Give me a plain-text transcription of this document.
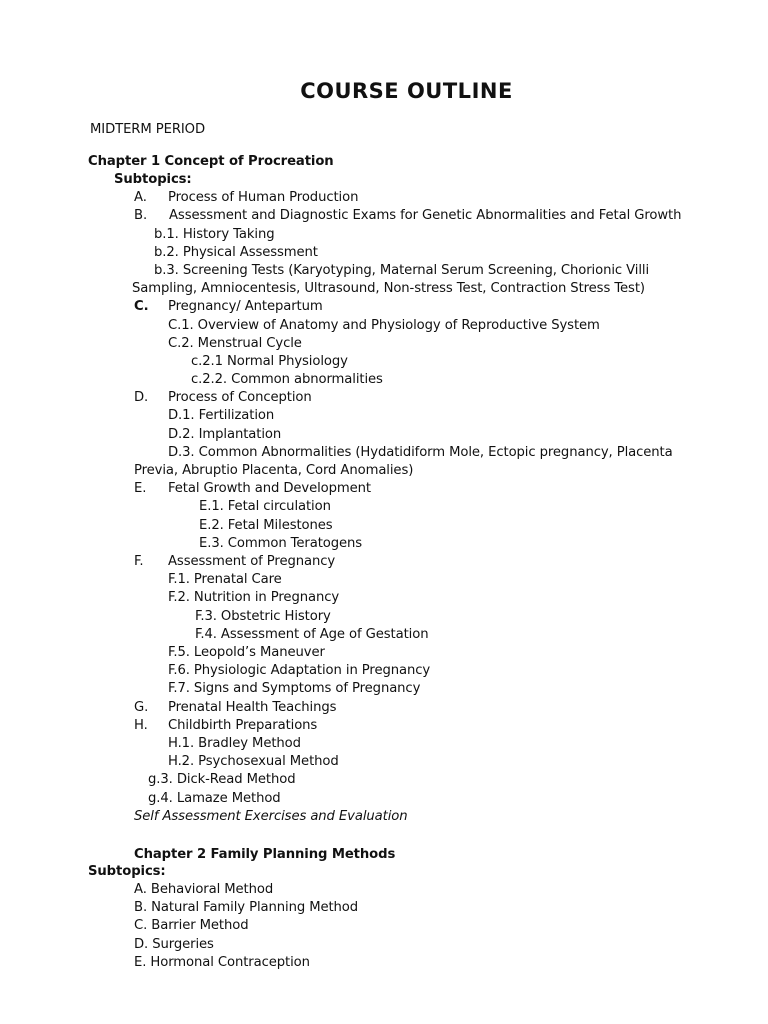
COURSE OUTLINE
MIDTERM PERIOD
Chapter 1 Concept of Procreation
Subtopics:
A. Process of Human Production
B. Assessment and Diagnostic Exams for Genetic Abnormalities and Fetal Growth
b.1. History Taking
b.2. Physical Assessment
b.3. Screening Tests (Karyotyping, Maternal Serum Screening, Chorionic Villi
Sampling, Amniocentesis, Ultrasound, Non-stress Test, Contraction Stress Test)
C. Pregnancy/ Antepartum
C.1. Overview of Anatomy and Physiology of Reproductive System
C.2. Menstrual Cycle
c.2.1 Normal Physiology
c.2.2. Common abnormalities
D. Process of Conception
D.1. Fertilization
D.2. Implantation
D.3. Common Abnormalities (Hydatidiform Mole, Ectopic pregnancy, Placenta
Previa, Abruptio Placenta, Cord Anomalies)
E. Fetal Growth and Development
E.1. Fetal circulation
E.2. Fetal Milestones
E.3. Common Teratogens
F. Assessment of Pregnancy
F.1. Prenatal Care
F.2. Nutrition in Pregnancy
F.3. Obstetric History
F.4. Assessment of Age of Gestation
F.5. Leopold’s Maneuver
F.6. Physiologic Adaptation in Pregnancy
F.7. Signs and Symptoms of Pregnancy
G. Prenatal Health Teachings
H. Childbirth Preparations
H.1. Bradley Method
H.2. Psychosexual Method
g.3. Dick-Read Method
g.4. Lamaze Method
Self Assessment Exercises and Evaluation
Chapter 2 Family Planning Methods
Subtopics:
A. Behavioral Method
B. Natural Family Planning Method
C. Barrier Method
D. Surgeries
E. Hormonal Contraception
